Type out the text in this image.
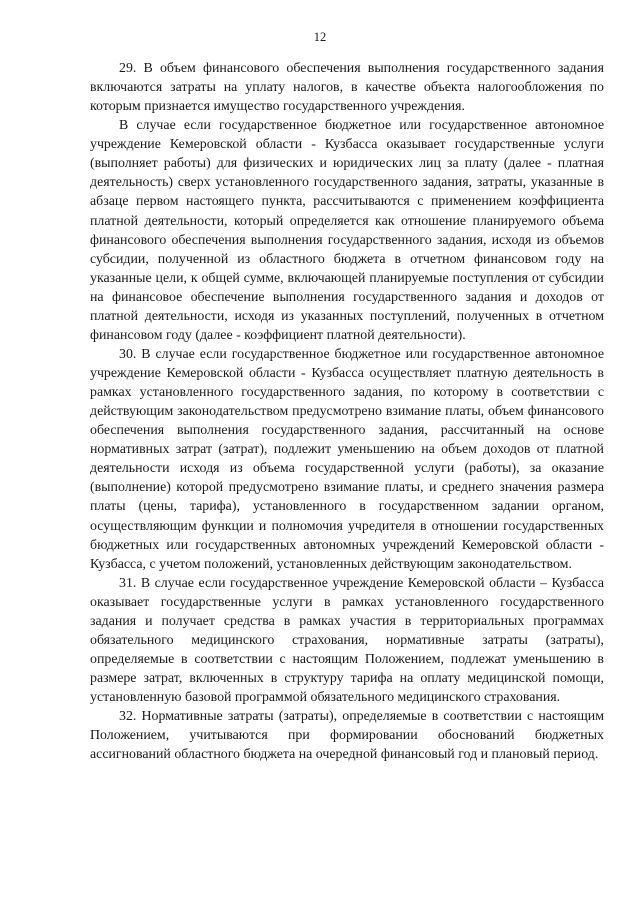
12

29. В объем финансового обеспечения выполнения государственного задания включаются затраты на уплату налогов, в качестве объекта налогообложения по которым признается имущество государственного учреждения.

В случае если государственное бюджетное или государственное автономное учреждение Кемеровской области - Кузбасса оказывает государственные услуги (выполняет работы) для физических и юридических лиц за плату (далее - платная деятельность) сверх установленного государственного задания, затраты, указанные в абзаце первом настоящего пункта, рассчитываются с применением коэффициента платной деятельности, который определяется как отношение планируемого объема финансового обеспечения выполнения государственного задания, исходя из объемов субсидии, полученной из областного бюджета в отчетном финансовом году на указанные цели, к общей сумме, включающей планируемые поступления от субсидии на финансовое обеспечение выполнения государственного задания и доходов от платной деятельности, исходя из указанных поступлений, полученных в отчетном финансовом году (далее - коэффициент платной деятельности).

30. В случае если государственное бюджетное или государственное автономное учреждение Кемеровской области - Кузбасса осуществляет платную деятельность в рамках установленного государственного задания, по которому в соответствии с действующим законодательством предусмотрено взимание платы, объем финансового обеспечения выполнения государственного задания, рассчитанный на основе нормативных затрат (затрат), подлежит уменьшению на объем доходов от платной деятельности исходя из объема государственной услуги (работы), за оказание (выполнение) которой предусмотрено взимание платы, и среднего значения размера платы (цены, тарифа), установленного в государственном задании органом, осуществляющим функции и полномочия учредителя в отношении государственных бюджетных или государственных автономных учреждений Кемеровской области - Кузбасса, с учетом положений, установленных действующим законодательством.

31. В случае если государственное учреждение Кемеровской области – Кузбасса оказывает государственные услуги в рамках установленного государственного задания и получает средства в рамках участия в территориальных программах обязательного медицинского страхования, нормативные затраты (затраты), определяемые в соответствии с настоящим Положением, подлежат уменьшению в размере затрат, включенных в структуру тарифа на оплату медицинской помощи, установленную базовой программой обязательного медицинского страхования.

32. Нормативные затраты (затраты), определяемые в соответствии с настоящим Положением, учитываются при формировании обоснований бюджетных ассигнований областного бюджета на очередной финансовый год и плановый период.
